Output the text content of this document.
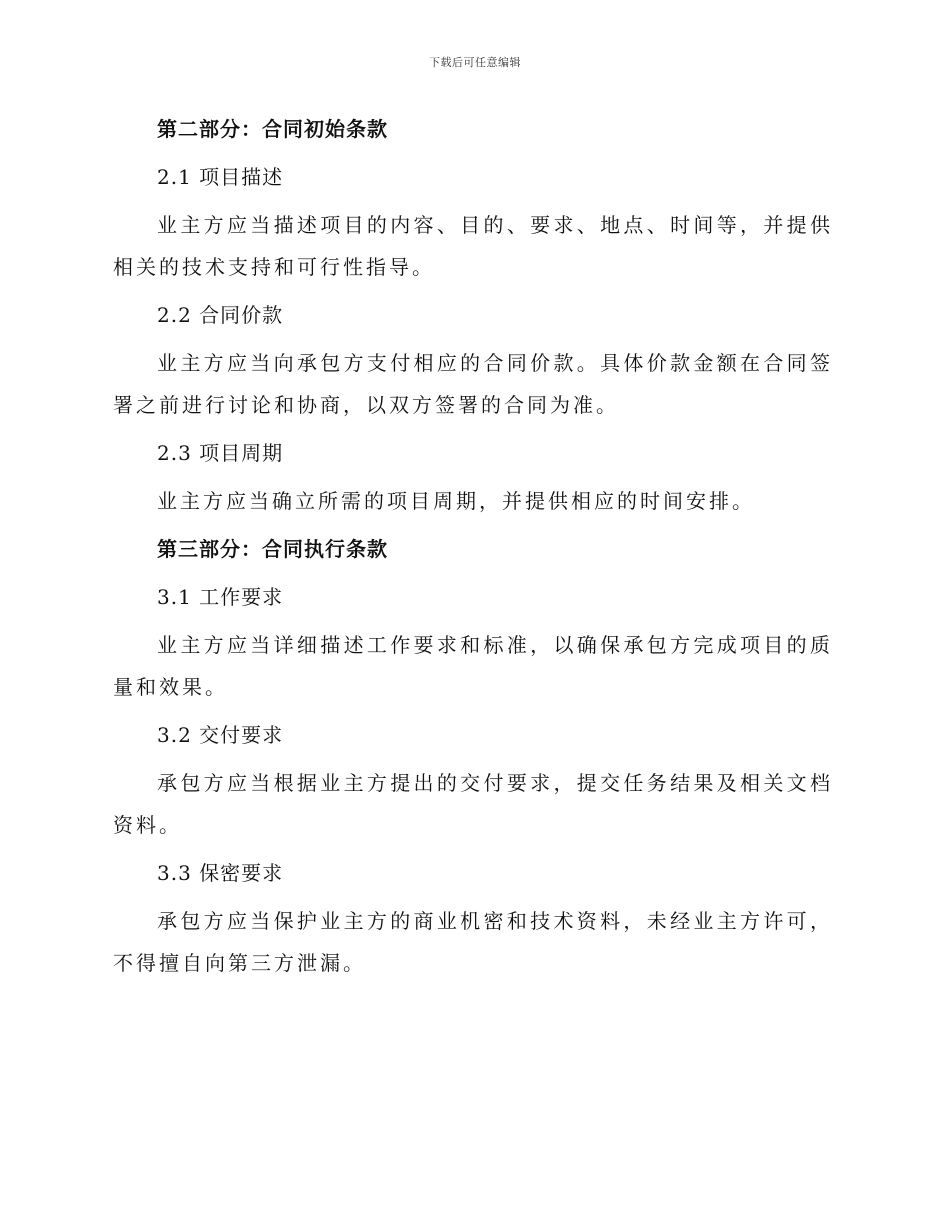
下载后可任意编辑
第二部分：合同初始条款
2.1 项目描述
业主方应当描述项目的内容、目的、要求、地点、时间等，并提供相关的技术支持和可行性指导。
2.2 合同价款
业主方应当向承包方支付相应的合同价款。具体价款金额在合同签署之前进行讨论和协商，以双方签署的合同为准。
2.3 项目周期
业主方应当确立所需的项目周期，并提供相应的时间安排。
第三部分：合同执行条款
3.1 工作要求
业主方应当详细描述工作要求和标准，以确保承包方完成项目的质量和效果。
3.2 交付要求
承包方应当根据业主方提出的交付要求，提交任务结果及相关文档资料。
3.3 保密要求
承包方应当保护业主方的商业机密和技术资料，未经业主方许可，不得擅自向第三方泄漏。
